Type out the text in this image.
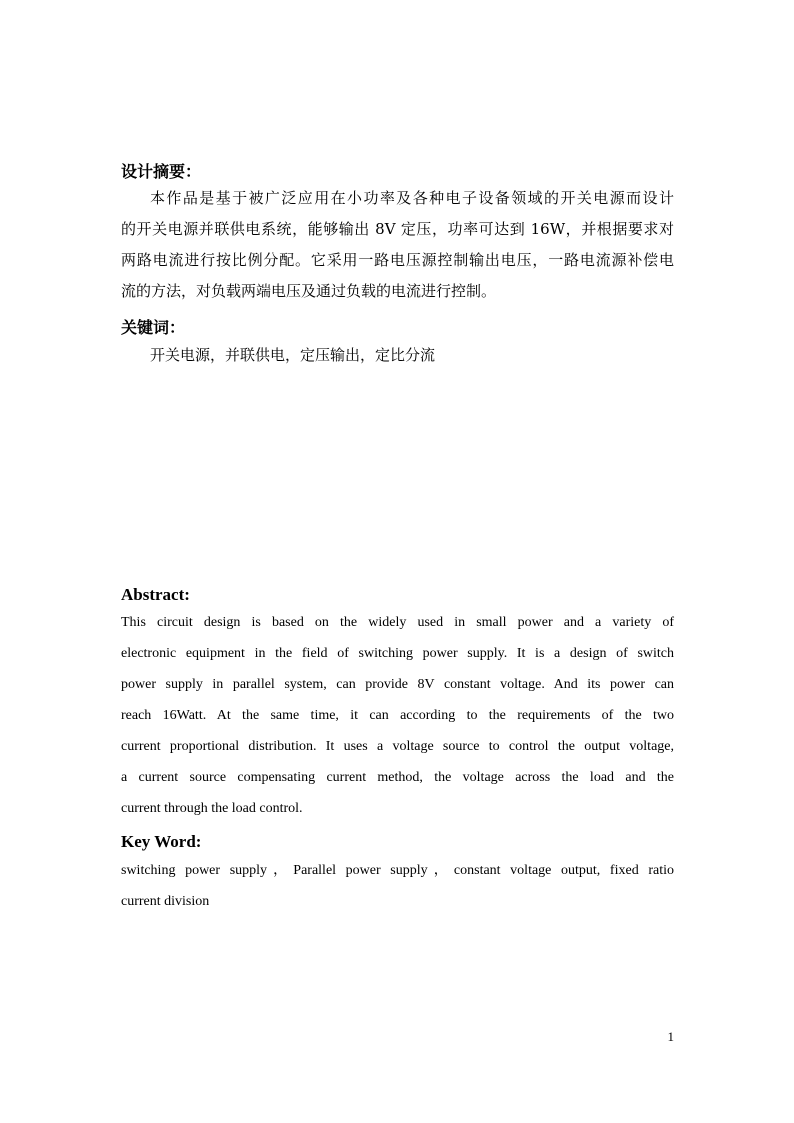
设计摘要：
本作品是基于被广泛应用在小功率及各种电子设备领域的开关电源而设计
的开关电源并联供电系统，能够输出 8V 定压，功率可达到 16W，并根据要求对
两路电流进行按比例分配。它采用一路电压源控制输出电压，一路电流源补偿电
流的方法，对负载两端电压及通过负载的电流进行控制。
关键词：
开关电源，并联供电，定压输出，定比分流
Abstract:
This circuit design is based on the widely used in small power and a variety of
electronic equipment in the field of switching power supply. It is a design of switch
power supply in parallel system, can provide 8V constant voltage. And its power can
reach 16Watt. At the same time, it can according to the requirements of the two
current proportional distribution. It uses a voltage source to control the output voltage,
a current source compensating current method, the voltage across the load and the
current through the load control.
Key Word:
switching power supply，Parallel power supply，constant voltage output, fixed ratio
current division
1
